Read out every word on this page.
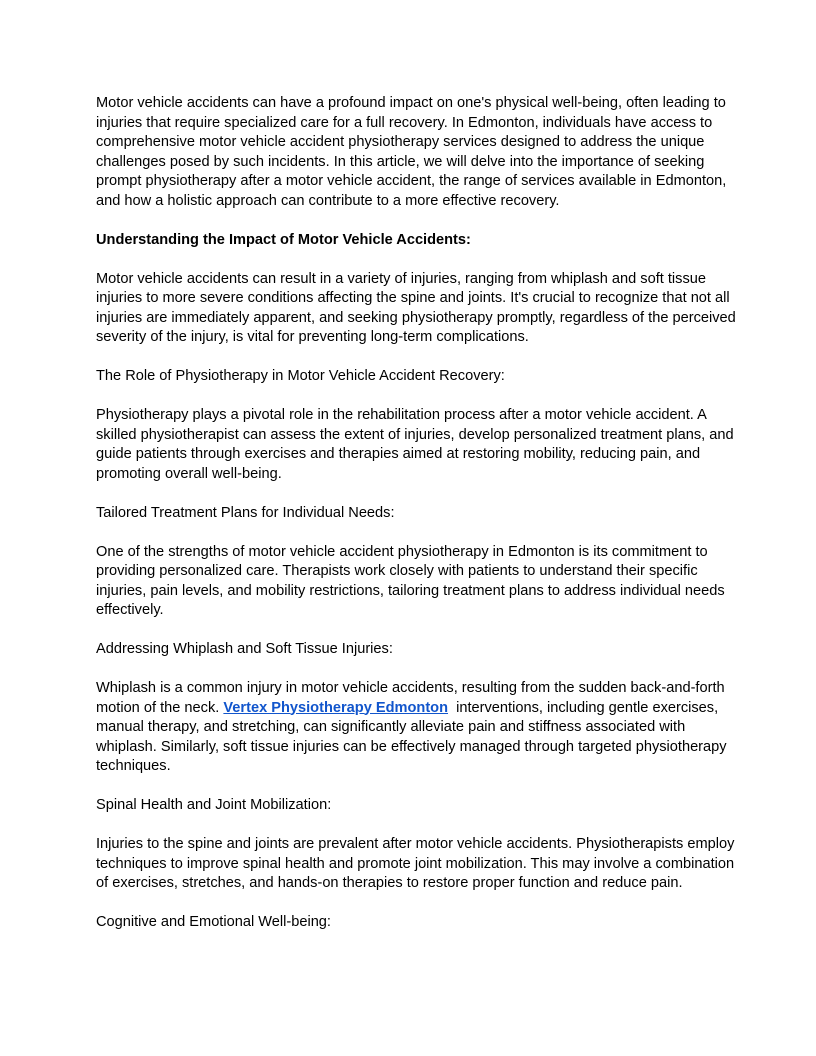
Motor vehicle accidents can have a profound impact on one's physical well-being, often leading to injuries that require specialized care for a full recovery. In Edmonton, individuals have access to comprehensive motor vehicle accident physiotherapy services designed to address the unique challenges posed by such incidents. In this article, we will delve into the importance of seeking prompt physiotherapy after a motor vehicle accident, the range of services available in Edmonton, and how a holistic approach can contribute to a more effective recovery.

Understanding the Impact of Motor Vehicle Accidents:

Motor vehicle accidents can result in a variety of injuries, ranging from whiplash and soft tissue injuries to more severe conditions affecting the spine and joints. It's crucial to recognize that not all injuries are immediately apparent, and seeking physiotherapy promptly, regardless of the perceived severity of the injury, is vital for preventing long-term complications.

The Role of Physiotherapy in Motor Vehicle Accident Recovery:

Physiotherapy plays a pivotal role in the rehabilitation process after a motor vehicle accident. A skilled physiotherapist can assess the extent of injuries, develop personalized treatment plans, and guide patients through exercises and therapies aimed at restoring mobility, reducing pain, and promoting overall well-being.

Tailored Treatment Plans for Individual Needs:

One of the strengths of motor vehicle accident physiotherapy in Edmonton is its commitment to providing personalized care. Therapists work closely with patients to understand their specific injuries, pain levels, and mobility restrictions, tailoring treatment plans to address individual needs effectively.

Addressing Whiplash and Soft Tissue Injuries:

Whiplash is a common injury in motor vehicle accidents, resulting from the sudden back-and-forth motion of the neck. Vertex Physiotherapy Edmonton  interventions, including gentle exercises, manual therapy, and stretching, can significantly alleviate pain and stiffness associated with whiplash. Similarly, soft tissue injuries can be effectively managed through targeted physiotherapy techniques.

Spinal Health and Joint Mobilization:

Injuries to the spine and joints are prevalent after motor vehicle accidents. Physiotherapists employ techniques to improve spinal health and promote joint mobilization. This may involve a combination of exercises, stretches, and hands-on therapies to restore proper function and reduce pain.

Cognitive and Emotional Well-being:
